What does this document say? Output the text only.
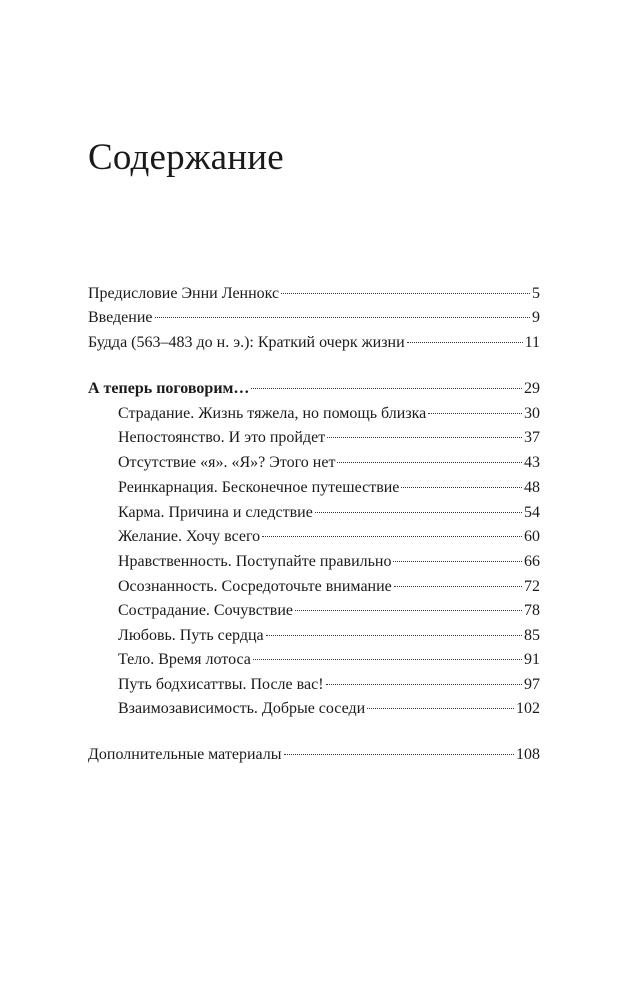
Содержание
Предисловие Энни Леннокс	5
Введение	9
Будда (563–483 до н. э.): Краткий очерк жизни	11
А теперь поговорим…	29
Страдание. Жизнь тяжела, но помощь близка	30
Непостоянство. И это пройдет	37
Отсутствие «я». «Я»? Этого нет	43
Реинкарнация. Бесконечное путешествие	48
Карма. Причина и следствие	54
Желание. Хочу всего	60
Нравственность. Поступайте правильно	66
Осознанность. Сосредоточьте внимание	72
Сострадание. Сочувствие	78
Любовь. Путь сердца	85
Тело. Время лотоса	91
Путь бодхисаттвы. После вас!	97
Взаимозависимость. Добрые соседи	102
Дополнительные материалы	108
